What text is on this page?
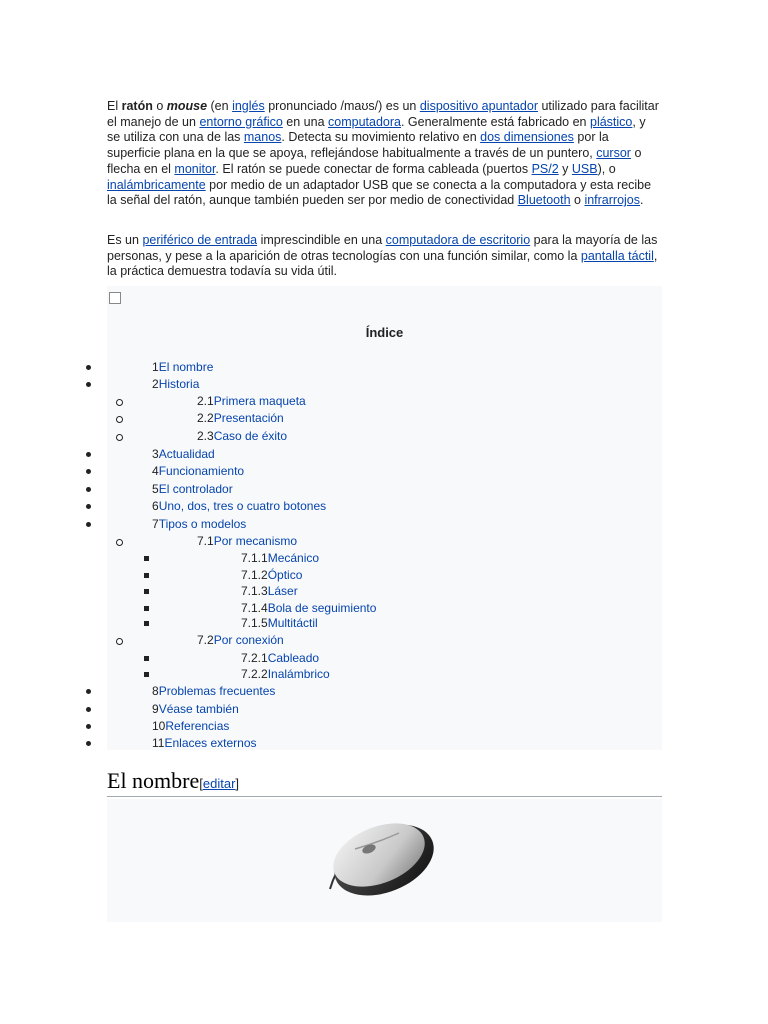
El ratón o mouse (en inglés pronunciado /maʊs/) es un dispositivo apuntador utilizado para facilitar el manejo de un entorno gráfico en una computadora. Generalmente está fabricado en plástico, y se utiliza con una de las manos. Detecta su movimiento relativo en dos dimensiones por la superficie plana en la que se apoya, reflejándose habitualmente a través de un puntero, cursor o flecha en el monitor. El ratón se puede conectar de forma cableada (puertos PS/2 y USB), o inalámbricamente por medio de un adaptador USB que se conecta a la computadora y esta recibe la señal del ratón, aunque también pueden ser por medio de conectividad Bluetooth o infrarrojos.

Es un periférico de entrada imprescindible en una computadora de escritorio para la mayoría de las personas, y pese a la aparición de otras tecnologías con una función similar, como la pantalla táctil, la práctica demuestra todavía su vida útil.

Índice
1El nombre
2Historia
2.1Primera maqueta
2.2Presentación
2.3Caso de éxito
3Actualidad
4Funcionamiento
5El controlador
6Uno, dos, tres o cuatro botones
7Tipos o modelos
7.1Por mecanismo
7.1.1Mecánico
7.1.2Óptico
7.1.3Láser
7.1.4Bola de seguimiento
7.1.5Multitáctil
7.2Por conexión
7.2.1Cableado
7.2.2Inalámbrico
8Problemas frecuentes
9Véase también
10Referencias
11Enlaces externos
El nombre[editar]
